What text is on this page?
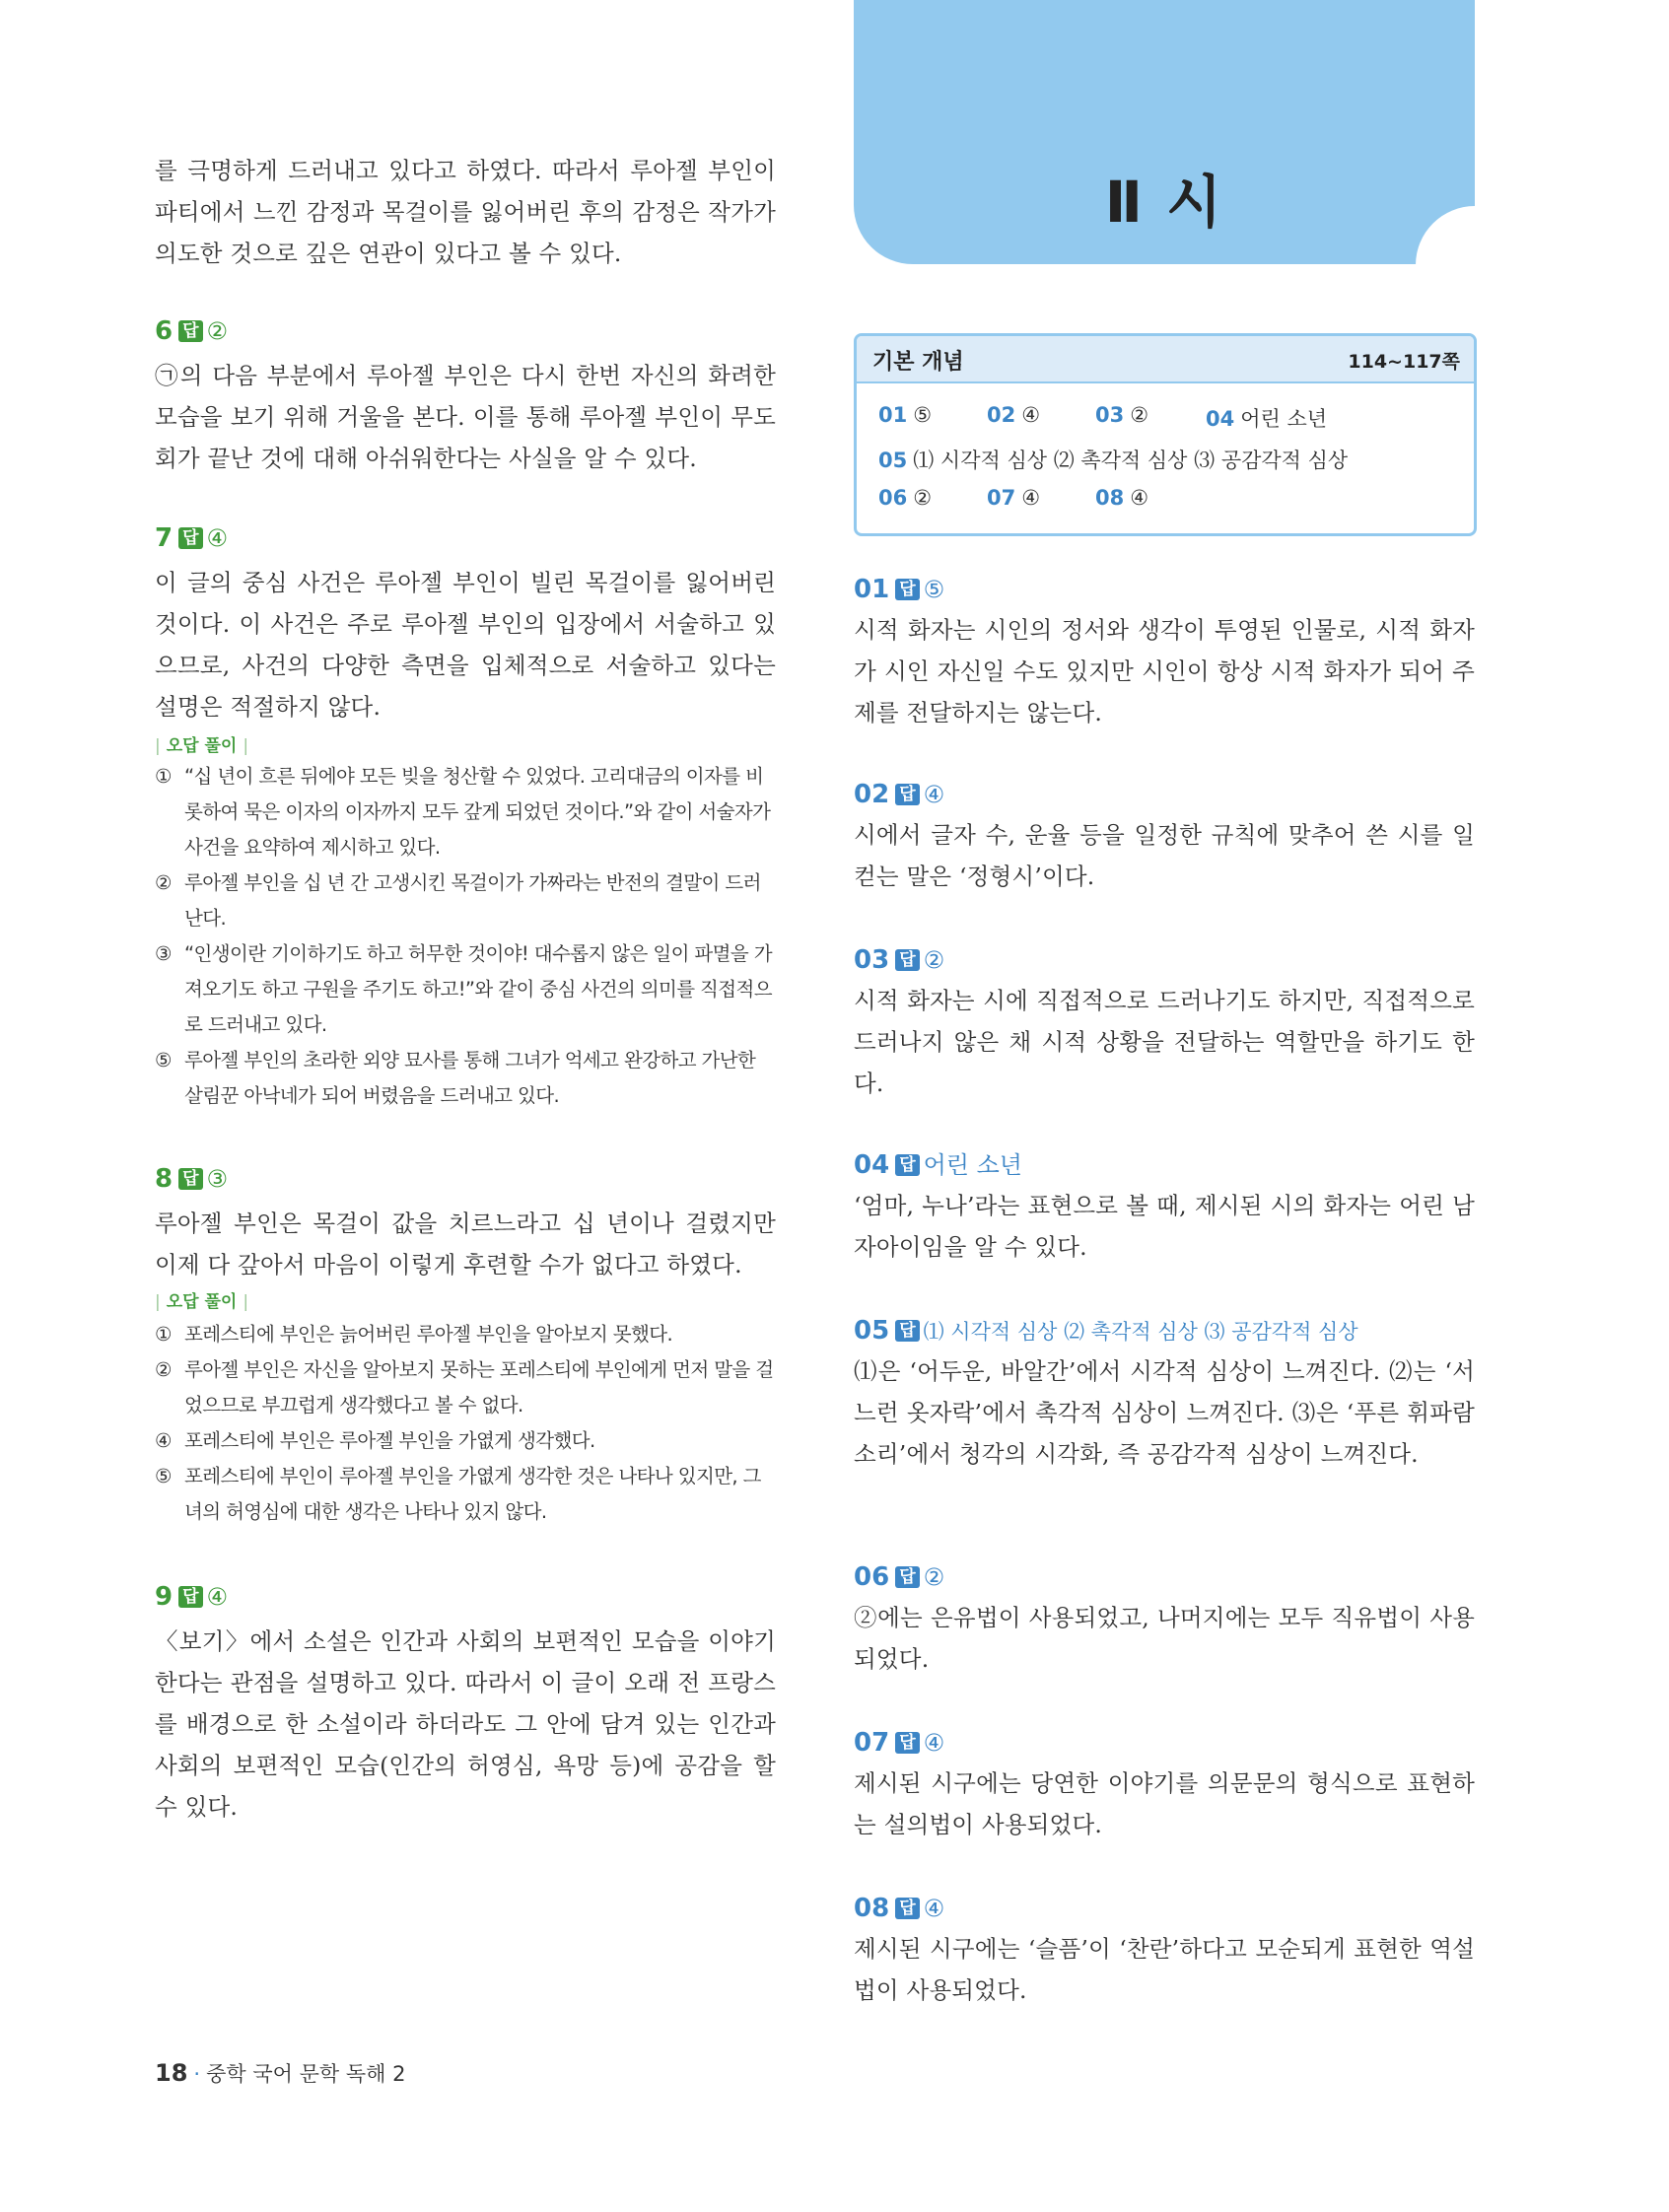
를 극명하게 드러내고 있다고 하였다. 따라서 루아젤 부인이 파티에서 느낀 감정과 목걸이를 잃어버린 후의 감정은 작가가 의도한 것으로 깊은 연관이 있다고 볼 수 있다.

6 답 ②

㉠의 다음 부분에서 루아젤 부인은 다시 한번 자신의 화려한 모습을 보기 위해 거울을 본다. 이를 통해 루아젤 부인이 무도회가 끝난 것에 대해 아쉬워한다는 사실을 알 수 있다.

7 답 ④

이 글의 중심 사건은 루아젤 부인이 빌린 목걸이를 잃어버린 것이다. 이 사건은 주로 루아젤 부인의 입장에서 서술하고 있으므로, 사건의 다양한 측면을 입체적으로 서술하고 있다는 설명은 적절하지 않다.

| 오답 풀이 |
① “십 년이 흐른 뒤에야 모든 빚을 청산할 수 있었다. 고리대금의 이자를 비롯하여 묵은 이자의 이자까지 모두 갚게 되었던 것이다.”와 같이 서술자가 사건을 요약하여 제시하고 있다.
② 루아젤 부인을 십 년 간 고생시킨 목걸이가 가짜라는 반전의 결말이 드러난다.
③ “인생이란 기이하기도 하고 허무한 것이야! 대수롭지 않은 일이 파멸을 가져오기도 하고 구원을 주기도 하고!”와 같이 중심 사건의 의미를 직접적으로 드러내고 있다.
⑤ 루아젤 부인의 초라한 외양 묘사를 통해 그녀가 억세고 완강하고 가난한 살림꾼 아낙네가 되어 버렸음을 드러내고 있다.
8 답 ③

루아젤 부인은 목걸이 값을 치르느라고 십 년이나 걸렸지만 이제 다 갚아서 마음이 이렇게 후련할 수가 없다고 하였다.

| 오답 풀이 |
① 포레스티에 부인은 늙어버린 루아젤 부인을 알아보지 못했다.
② 루아젤 부인은 자신을 알아보지 못하는 포레스티에 부인에게 먼저 말을 걸었으므로 부끄럽게 생각했다고 볼 수 없다.
④ 포레스티에 부인은 루아젤 부인을 가엾게 생각했다.
⑤ 포레스티에 부인이 루아젤 부인을 가엾게 생각한 것은 나타나 있지만, 그녀의 허영심에 대한 생각은 나타나 있지 않다.
9 답 ④

〈보기〉에서 소설은 인간과 사회의 보편적인 모습을 이야기한다는 관점을 설명하고 있다. 따라서 이 글이 오래 전 프랑스를 배경으로 한 소설이라 하더라도 그 안에 담겨 있는 인간과 사회의 보편적인 모습(인간의 허영심, 욕망 등)에 공감을 할 수 있다.

Ⅱ 시
기본 개념	114~117쪽
01 ⑤	02 ④	03 ②	04 어린 소년
05 ⑴ 시각적 심상 ⑵ 촉각적 심상 ⑶ 공감각적 심상
06 ②	07 ④	08 ④
01 답 ⑤

시적 화자는 시인의 정서와 생각이 투영된 인물로, 시적 화자가 시인 자신일 수도 있지만 시인이 항상 시적 화자가 되어 주제를 전달하지는 않는다.

02 답 ④

시에서 글자 수, 운율 등을 일정한 규칙에 맞추어 쓴 시를 일컫는 말은 ‘정형시’이다.

03 답 ②

시적 화자는 시에 직접적으로 드러나기도 하지만, 직접적으로 드러나지 않은 채 시적 상황을 전달하는 역할만을 하기도 한다.

04 답 어린 소년

‘엄마, 누나’라는 표현으로 볼 때, 제시된 시의 화자는 어린 남자아이임을 알 수 있다.

05 답 ⑴ 시각적 심상 ⑵ 촉각적 심상 ⑶ 공감각적 심상

⑴은 ‘어두운, 바알간’에서 시각적 심상이 느껴진다. ⑵는 ‘서느런 옷자락’에서 촉각적 심상이 느껴진다. ⑶은 ‘푸른 휘파람 소리’에서 청각의 시각화, 즉 공감각적 심상이 느껴진다.

06 답 ②

②에는 은유법이 사용되었고, 나머지에는 모두 직유법이 사용되었다.

07 답 ④

제시된 시구에는 당연한 이야기를 의문문의 형식으로 표현하는 설의법이 사용되었다.

08 답 ④

제시된 시구에는 ‘슬픔’이 ‘찬란’하다고 모순되게 표현한 역설법이 사용되었다.

18 · 중학 국어 문학 독해 2
